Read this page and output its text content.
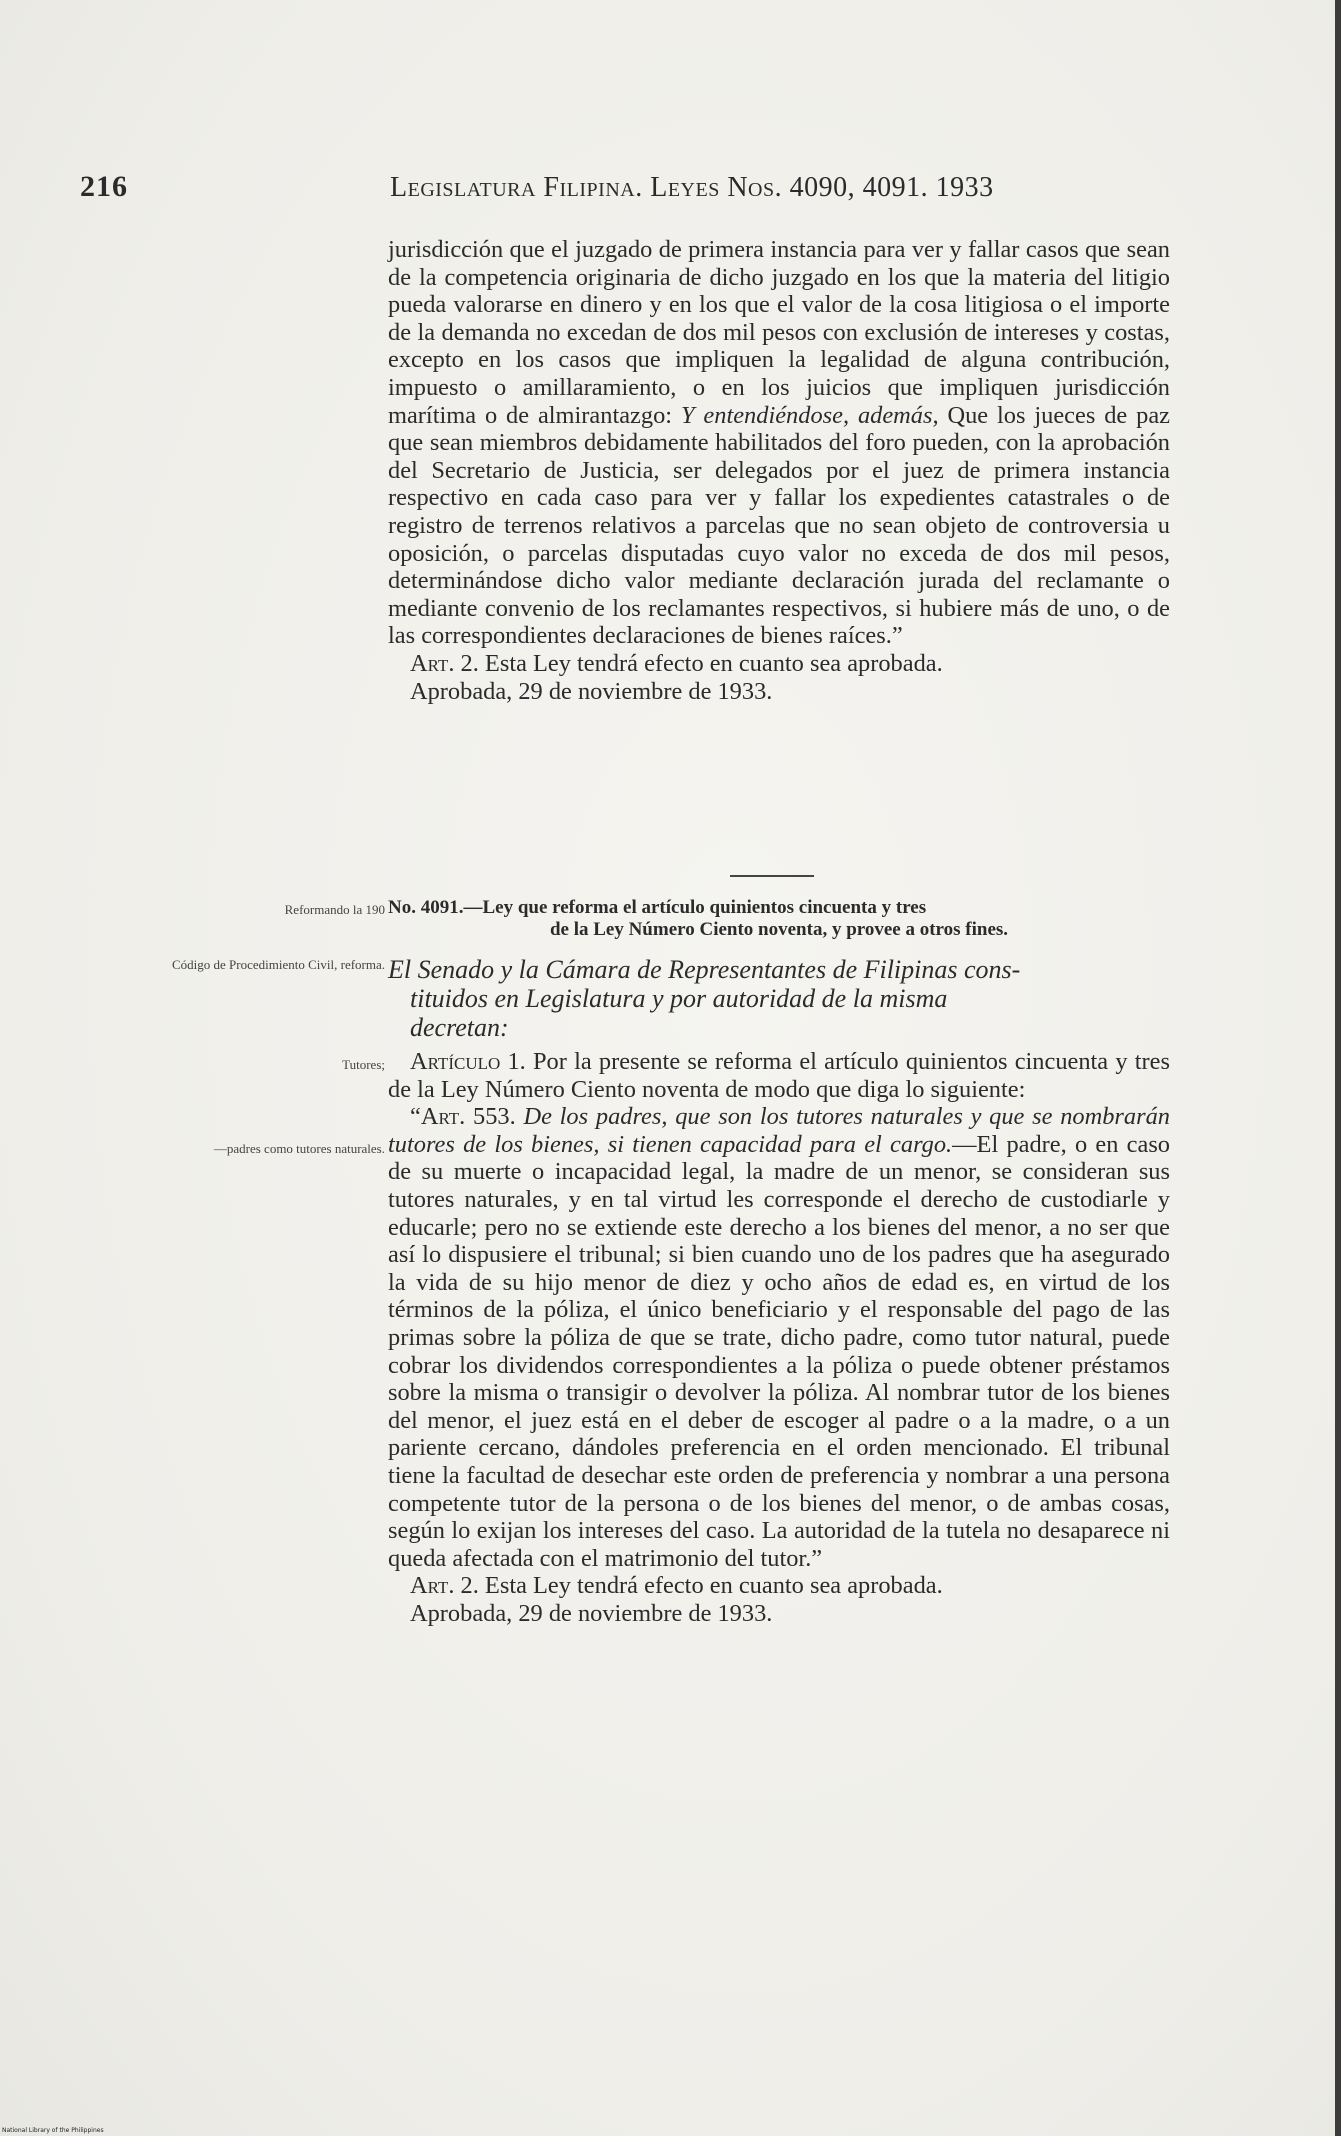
216	Legislatura Filipina. Leyes Nos. 4090, 4091. 1933

jurisdicción que el juzgado de primera instancia para ver y fallar casos que sean de la competencia originaria de dicho juzgado en los que la materia del litigio pueda valorarse en dinero y en los que el valor de la cosa litigiosa o el importe de la demanda no excedan de dos mil pesos con exclusión de intereses y costas, excepto en los casos que impliquen la legalidad de alguna contribución, impuesto o amillaramiento, o en los juicios que impliquen jurisdicción marítima o de almirantazgo: Y entendiéndose, además, Que los jueces de paz que sean miembros debidamente habilitados del foro pueden, con la aprobación del Secretario de Justicia, ser delegados por el juez de primera instancia respectivo en cada caso para ver y fallar los expedientes catastrales o de registro de terrenos relativos a parcelas que no sean objeto de controversia u oposición, o parcelas disputadas cuyo valor no exceda de dos mil pesos, determinándose dicho valor mediante declaración jurada del reclamante o mediante convenio de los reclamantes respectivos, si hubiere más de uno, o de las correspondientes declaraciones de bienes raíces.”

Art. 2. Esta Ley tendrá efecto en cuanto sea aprobada.

Aprobada, 29 de noviembre de 1933.

Reformando la 190
Código de Procedimiento Civil, reforma.
Tutores;
—padres como tutores naturales.
No. 4091.—Ley que reforma el artículo quinientos cincuenta y tres
de la Ley Número Ciento noventa, y provee a otros fines.
El Senado y la Cámara de Representantes de Filipinas cons-
tituidos en Legislatura y por autoridad de la misma
decretan:

Artículo 1. Por la presente se reforma el artículo quinientos cincuenta y tres de la Ley Número Ciento noventa de modo que diga lo siguiente:

“Art. 553. De los padres, que son los tutores naturales y que se nombrarán tutores de los bienes, si tienen capacidad para el cargo.—El padre, o en caso de su muerte o incapacidad legal, la madre de un menor, se consideran sus tutores naturales, y en tal virtud les corresponde el derecho de custodiarle y educarle; pero no se extiende este derecho a los bienes del menor, a no ser que así lo dispusiere el tribunal; si bien cuando uno de los padres que ha asegurado la vida de su hijo menor de diez y ocho años de edad es, en virtud de los términos de la póliza, el único beneficiario y el responsable del pago de las primas sobre la póliza de que se trate, dicho padre, como tutor natural, puede cobrar los dividendos correspondientes a la póliza o puede obtener préstamos sobre la misma o transigir o devolver la póliza. Al nombrar tutor de los bienes del menor, el juez está en el deber de escoger al padre o a la madre, o a un pariente cercano, dándoles preferencia en el orden mencionado. El tribunal tiene la facultad de desechar este orden de preferencia y nombrar a una persona competente tutor de la persona o de los bienes del menor, o de ambas cosas, según lo exijan los intereses del caso. La autoridad de la tutela no desaparece ni queda afectada con el matrimonio del tutor.”

Art. 2. Esta Ley tendrá efecto en cuanto sea aprobada.

Aprobada, 29 de noviembre de 1933.

National Library of the Philippines
